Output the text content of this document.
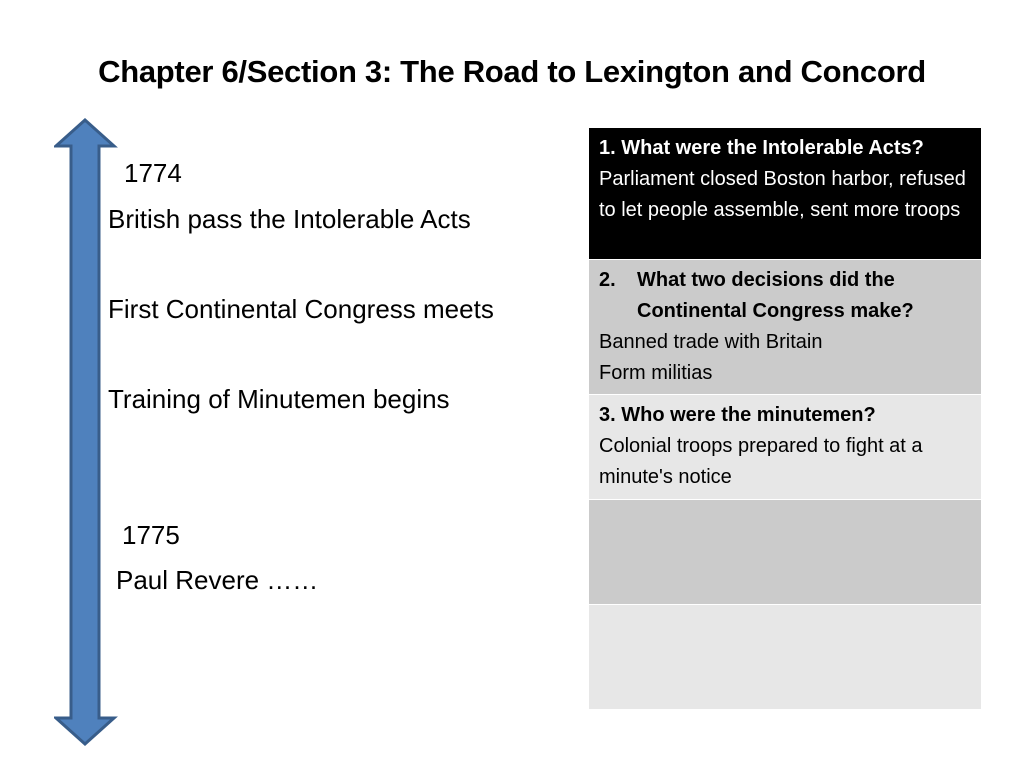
Chapter 6/Section 3: The Road to Lexington and Concord
1774
British pass the Intolerable Acts
First Continental Congress meets
Training of Minutemen begins
1775
Paul Revere ……
1. What were the Intolerable Acts?  Parliament closed Boston harbor, refused to let people assemble, sent more troops

2.	What two decisions did the Continental Congress make?
Banned trade with Britain
Form militias

3. Who were the minutemen?
Colonial troops prepared to fight at a minute's notice
